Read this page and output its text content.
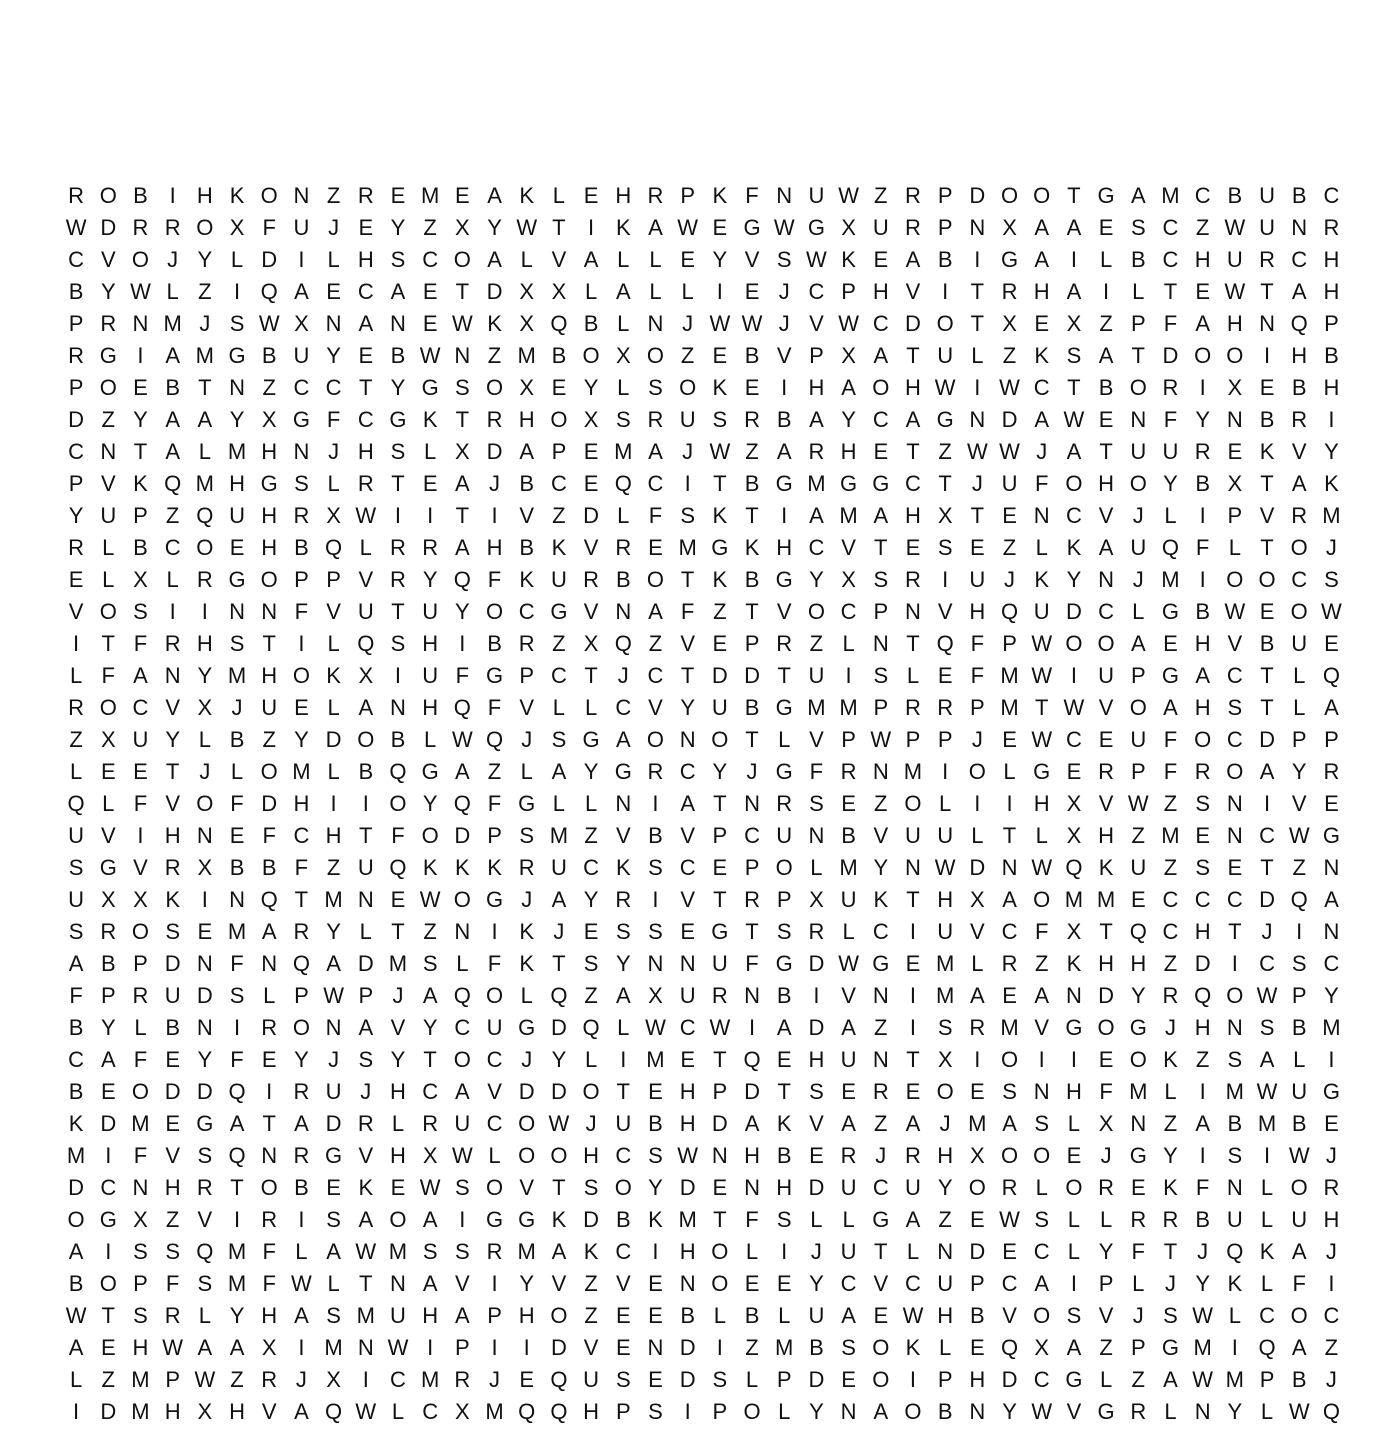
R O B I H K O N Z R E M E A K L E H R P K F N U W Z R P D O O T G A M C B U B C
W D R R O X F U J E Y Z X Y W T	I K A W E G W G X U R P N X A A E S C Z W U N R
C V O J Y L D I	L H S C O A L V A L L E Y V S W K E A B I G A I	L B C H U R C H
B Y W L Z	I Q A E C A E T D X X L A L L	I E J C P H V I	T R H A I	L T E W T A H
P R N M J S W X N A N E W K X Q B L N J W W J V W C D O T X E X Z P F A H N Q P
R G I A M G B U Y E B W N Z M B O X O Z E B V P X A T U L Z K S A T D O O I H B
P O E B T N Z C C T Y G S O X E Y L S O K E I H A O H W I W C T B O R I X E B H
D Z Y A A Y X G F C G K T R H O X S R U S R B A Y C A G N D A W E N F Y N B R I
C N T A L M H N J H S L X D A P E M A J W Z A R H E T Z W W J A T U U R E K V Y
P V K Q M H G S L R T E A J B C E Q C I	T B G M G G C T J U F O H O Y B X T A K
Y U P Z Q U H R X W I	I	T	I V Z D L F S K T	I A M A H X T E N C V J L	I P V R M
R L B C O E H B Q L R R A H B K V R E M G K H C V T E S E Z L K A U Q F L T O J
E L X L R G O P P V R Y Q F K U R B O T K B G Y X S R I U J K Y N J M I O O C S
V O S I	I N N F V U T U Y O C G V N A F Z T V O C P N V H Q U D C L G B W E O W
I	T F R H S T	I	L Q S H I B R Z X Q Z V E P R Z L N T Q F P W O O A E H V B U E
L F A N Y M H O K X I U F G P C T J C T D D T U I S L E F M W I U P G A C T L Q
R O C V X J U E L A N H Q F V L L C V Y U B G M M P R R P M T W V O A H S T L A
Z X U Y L B Z Y D O B L W Q J S G A O N O T L V P W P P J E W C E U F O C D P P
L E E T J L O M L B Q G A Z L A Y G R C Y J G F R N M I O L G E R P F R O A Y R
Q L F V O F D H I	I O Y Q F G L L N I A T N R S E Z O L	I	I H X V W Z S N I V E
U V I H N E F C H T F O D P S M Z V B V P C U N B V U U L T L X H Z M E N C W G
S G V R X B B F Z U Q K K K R U C K S C E P O L M Y N W D N W Q K U Z S E T Z N
U X X K I N Q T M N E W O G J A Y R I V T R P X U K T H X A O M M E C C C D Q A
S R O S E M A R Y L T Z N I K J E S S E G T S R L C I U V C F X T Q C H T J	I N
A B P D N F N Q A D M S L F K T S Y N N U F G D W G E M L R Z K H H Z D I C S C
F P R U D S L P W P J A Q O L Q Z A X U R N B I V N I M A E A N D Y R Q O W P Y
B Y L B N I R O N A V Y C U G D Q L W C W I A D A Z	I S R M V G O G J H N S B M
C A F E Y F E Y J S Y T O C J Y L	I M E T Q E H U N T X I O I	I E O K Z S A L	I
B E O D D Q I R U J H C A V D D O T E H P D T S E R E O E S N H F M L	I M W U G
K D M E G A T A D R L R U C O W J U B H D A K V A Z A J M A S L X N Z A B M B E
M I	F V S Q N R G V H X W L O O H C S W N H B E R J R H X O O E J G Y I S I W J
D C N H R T O B E K E W S O V T S O Y D E N H D U C U Y O R L O R E K F N L O R
O G X Z V I R I S A O A I G G K D B K M T F S L L G A Z E W S L L R R B U L U H
A I S S Q M F L A W M S S R M A K C I H O L	I	J U T L N D E C L Y F T J Q K A J
B O P F S M F W L T N A V I Y V Z V E N O E E Y C V C U P C A I P L J Y K L F	I
W T S R L Y H A S M U H A P H O Z E E B L B L U A E W H B V O S V J S W L C O C
A E H W A A X I M N W I P I	I D V E N D I	Z M B S O K L E Q X A Z P G M I Q A Z
L Z M P W Z R J X I C M R J E Q U S E D S L P D E O I P H D C G L Z A W M P B J
I D M H X H V A Q W L C X M Q Q H P S I P O L Y N A O B N Y W V G R L N Y L W Q
